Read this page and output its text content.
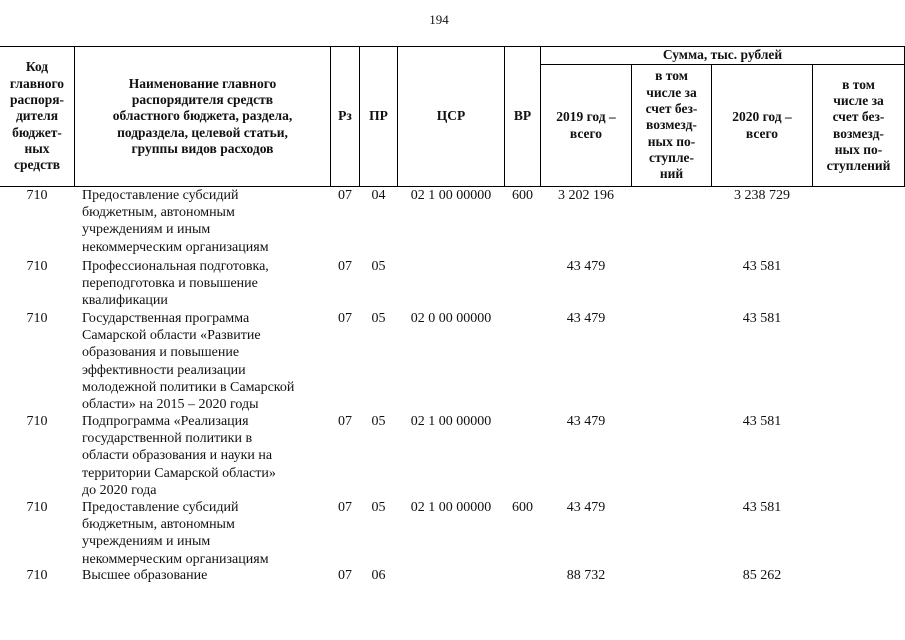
194
Код
главного
распоря-
дителя
бюджет-
ных
средств
Наименование главного
распорядителя средств
областного бюджета, раздела,
подраздела, целевой статьи,
группы видов расходов
Рз	ПР	ЦСР	ВР
Сумма, тыс. рублей
2019 год –
всего
в том
числе за
счет без-
возмезд-
ных по-
ступле-
ний
2020 год –
всего
в том
числе за
счет без-
возмезд-
ных по-
ступлений
710	Предоставление субсидий
бюджетным, автономным
учреждениям и иным
некоммерческим организациям
07	04	02 1 00 00000	600	3 202 196	3 238 729
710	Профессиональная подготовка,
переподготовка и повышение
квалификации
07	05	43 479	43 581
710	Государственная программа
Самарской области «Развитие
образования и повышение
эффективности реализации
молодежной политики в Самарской
области» на 2015 – 2020 годы
07	05	02 0 00 00000	43 479	43 581
710	Подпрограмма «Реализация
государственной политики в
области образования и науки на
территории Самарской области»
до 2020 года
07	05	02 1 00 00000	43 479	43 581
710	Предоставление субсидий
бюджетным, автономным
учреждениям и иным
некоммерческим организациям
07	05	02 1 00 00000	600	43 479	43 581
710	Высшее образование	07	06	88 732	85 262
